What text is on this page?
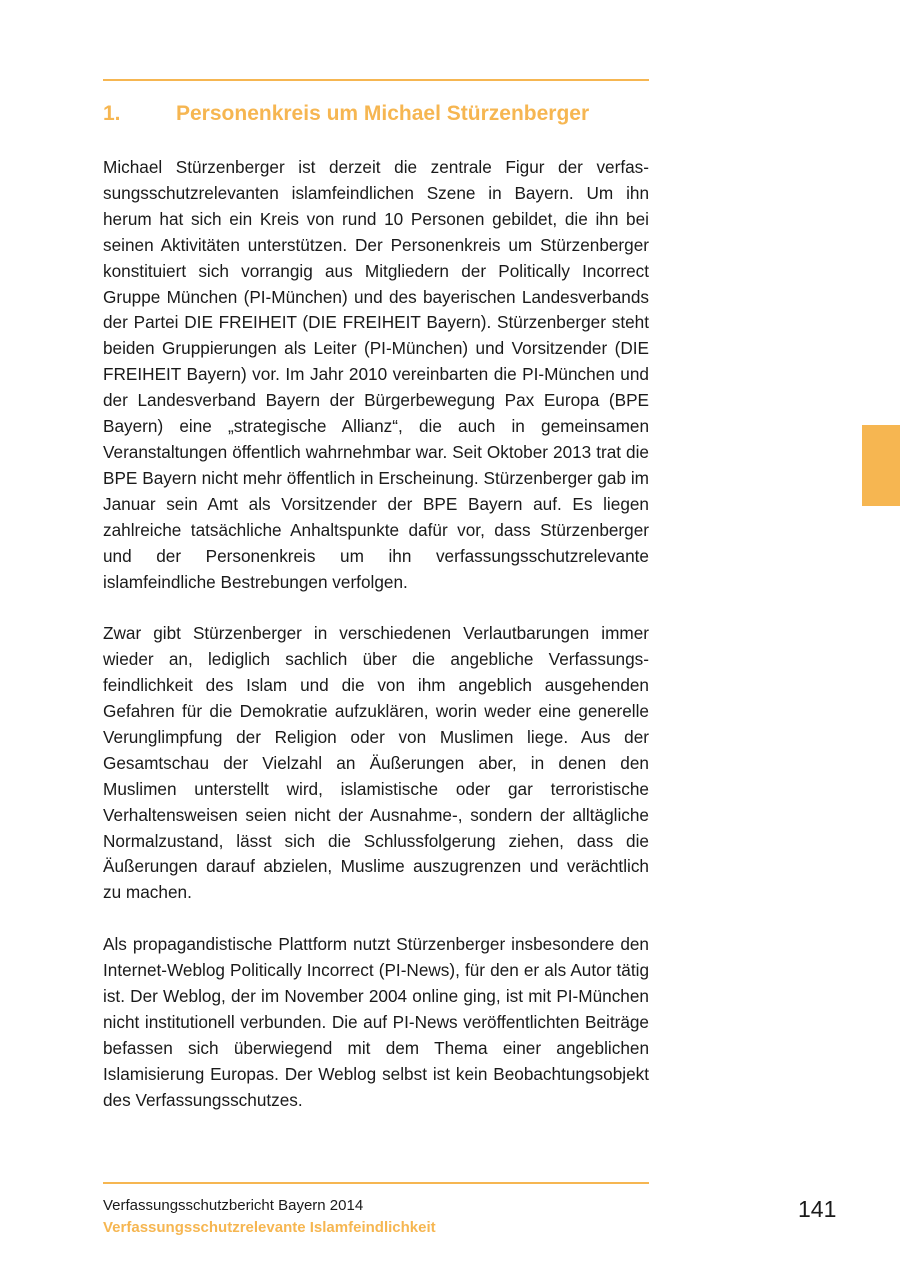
1.	Personenkreis um Michael Stürzenberger

Michael Stürzenberger ist derzeit die zentrale Figur der verfassungsschutzrelevanten islamfeindlichen Szene in Bayern. Um ihn herum hat sich ein Kreis von rund 10 Personen gebildet, die ihn bei seinen Aktivitäten unterstützen. Der Personenkreis um Stürzenberger konstituiert sich vorrangig aus Mitgliedern der Politically Incorrect Gruppe München (PI-München) und des bayerischen Landesverbands der Partei DIE FREIHEIT (DIE FREIHEIT Bayern). Stürzenberger steht beiden Gruppierungen als Leiter (PI-München) und Vorsitzender (DIE FREIHEIT Bayern) vor. Im Jahr 2010 vereinbarten die PI-München und der Landesverband Bayern der Bürgerbewegung Pax Europa (BPE Bayern) eine „strategische Allianz“, die auch in gemeinsamen Veranstaltungen öffentlich wahrnehmbar war. Seit Oktober 2013 trat die BPE Bayern nicht mehr öffentlich in Erscheinung. Stürzenberger gab im Januar sein Amt als Vorsitzender der BPE Bayern auf. Es liegen zahlreiche tatsächliche Anhaltspunkte dafür vor, dass Stürzenberger und der Personenkreis um ihn verfassungsschutzrelevante islamfeindliche Bestrebungen verfolgen.

Zwar gibt Stürzenberger in verschiedenen Verlautbarungen immer wieder an, lediglich sachlich über die angebliche Verfassungsfeindlichkeit des Islam und die von ihm angeblich ausgehenden Gefahren für die Demokratie aufzuklären, worin weder eine generelle Verunglimpfung der Religion oder von Muslimen liege. Aus der Gesamtschau der Vielzahl an Äußerungen aber, in denen den Muslimen unterstellt wird, islamistische oder gar terroristische Verhaltensweisen seien nicht der Ausnahme-, sondern der alltägliche Normalzustand, lässt sich die Schlussfolgerung ziehen, dass die Äußerungen darauf abzielen, Muslime auszugrenzen und verächtlich zu machen.

Als propagandistische Plattform nutzt Stürzenberger insbesondere den Internet-Weblog Politically Incorrect (PI-News), für den er als Autor tätig ist. Der Weblog, der im November 2004 online ging, ist mit PI-München nicht institutionell verbunden. Die auf PI-News veröffentlichten Beiträge befassen sich überwiegend mit dem Thema einer angeblichen Islamisierung Europas. Der Weblog selbst ist kein Beobachtungsobjekt des Verfassungsschutzes.

Verfassungsschutzbericht Bayern 2014
Verfassungsschutzrelevante Islamfeindlichkeit
141
